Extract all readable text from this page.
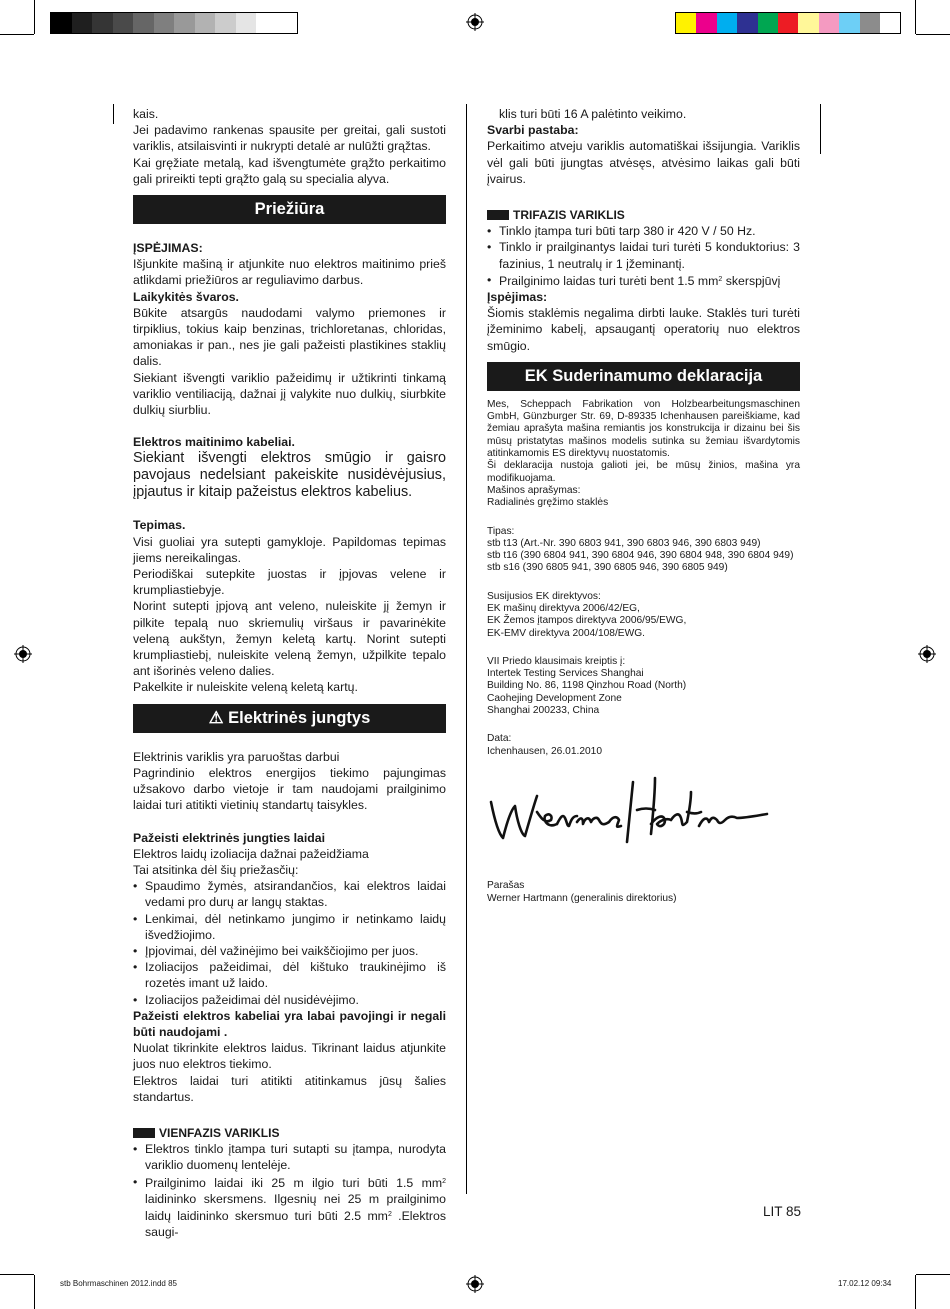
kais.

Jei padavimo rankenas spausite per greitai, gali sustoti variklis, atsilaisvinti ir nukrypti detalė ar nulūžti grąžtas.

Kai gręžiate metalą, kad išvengtumėte grąžto perkaitimo gali prireikti tepti grąžto galą su specialia alyva.

Priežiūra

ĮSPĖJIMAS:

Išjunkite mašiną ir atjunkite nuo elektros maitinimo prieš atlikdami priežiūros ar reguliavimo darbus.

Laikykitės švaros.

Būkite atsargūs naudodami valymo priemones ir tirpiklius, tokius kaip benzinas, trichloretanas, chloridas, amoniakas ir pan., nes jie gali pažeisti plastikines staklių dalis.

Siekiant išvengti variklio pažeidimų ir užtikrinti tinkamą variklio ventiliaciją, dažnai jį valykite nuo dulkių, siurbkite dulkių siurbliu.

Elektros maitinimo kabeliai.

Siekiant išvengti elektros smūgio ir gaisro pavojaus nedelsiant pakeiskite nusidėvėjusius, įpjautus ir kitaip pažeistus elektros kabelius.

Tepimas.

Visi guoliai yra sutepti gamykloje. Papildomas tepimas jiems nereikalingas.

Periodiškai sutepkite juostas ir įpjovas velene ir krumpliastiebyje.

Norint sutepti įpjovą ant veleno, nuleiskite jį žemyn ir pilkite tepalą nuo skriemulių viršaus ir pavarinėkite veleną aukštyn, žemyn keletą kartų. Norint sutepti krumpliastiebį, nuleiskite veleną žemyn, užpilkite tepalo ant išorinės veleno dalies.

Pakelkite ir nuleiskite veleną keletą kartų.

⚠ Elektrinės jungtys

Elektrinis variklis yra paruoštas darbui

Pagrindinio elektros energijos tiekimo pajungimas užsakovo darbo vietoje ir tam naudojami prailginimo laidai turi atitikti vietinių standartų taisykles.

Pažeisti elektrinės jungties laidai

Elektros laidų izoliacija dažnai pažeidžiama

Tai atsitinka dėl šių priežasčių:

• Spaudimo žymės, atsirandančios, kai elektros laidai vedami pro durų ar langų staktas.
• Lenkimai, dėl netinkamo jungimo ir netinkamo laidų išvedžiojimo.
• Įpjovimai, dėl važinėjimo bei vaikščiojimo per juos.
• Izoliacijos pažeidimai, dėl kištuko traukinėjimo iš rozetės imant už laido.
• Izoliacijos pažeidimai dėl nusidėvėjimo.

Pažeisti elektros kabeliai yra labai pavojingi ir negali būti naudojami .

Nuolat tikrinkite elektros laidus. Tikrinant laidus atjunkite juos nuo elektros tiekimo.

Elektros laidai turi atitikti atitinkamus jūsų šalies standartus.

VIENFAZIS VARIKLIS
• Elektros tinklo įtampa turi sutapti su įtampa, nurodyta variklio duomenų lentelėje.
• Prailginimo laidai iki 25 m ilgio turi būti 1.5 $mm^2$ laidininko skersmens. Ilgesnių nei 25 m prailginimo laidų laidininko skersmuo turi būti 2.5 $mm^2$ .Elektros saugi-

klis turi būti 16 A palėtinto veikimo.

Svarbi pastaba:

Perkaitimo atveju variklis automatiškai išsijungia. Variklis vėl gali būti įjungtas atvėsęs, atvėsimo laikas gali būti įvairus.

TRIFAZIS VARIKLIS
• Tinklo įtampa turi būti tarp 380 ir 420 V / 50 Hz.
• Tinklo ir prailginantys laidai turi turėti 5 konduktorius: 3 fazinius, 1 neutralų ir 1 įžeminantį.
• Prailginimo laidas turi turėti bent 1.5 $mm^2$ skerspjūvį

Įspėjimas:

Šiomis staklėmis negalima dirbti lauke. Staklės turi turėti įžeminimo kabelį, apsaugantį operatorių nuo elektros smūgio.

EK Suderinamumo deklaracija

Mes, Scheppach Fabrikation von Holzbearbeitungsmaschinen GmbH, Günzburger Str. 69, D-89335 Ichenhausen pareiškiame, kad žemiau aprašyta mašina remiantis jos konstrukcija ir dizainu bei šis mūsų pristatytas mašinos modelis sutinka su žemiau išvardytomis atitinkamomis ES direktyvų nuostatomis.

Ši deklaracija nustoja galioti jei, be mūsų žinios, mašina yra modifikuojama.

Mašinos aprašymas:

Radialinės gręžimo staklės

Tipas:

stb t13 (Art.-Nr. 390 6803 941, 390 6803 946, 390 6803 949)

stb t16 (390 6804 941, 390 6804 946, 390 6804 948, 390 6804 949)

stb s16 (390 6805 941, 390 6805 946, 390 6805 949)

Susijusios EK direktyvos:

EK mašinų direktyva 2006/42/EG,

EK Žemos įtampos direktyva 2006/95/EWG,

EK-EMV direktyva 2004/108/EWG.

VII Priedo klausimais kreiptis į:

Intertek Testing Services Shanghai

Building No. 86, 1198 Qinzhou Road (North)

Caohejing Development Zone

Shanghai 200233, China

Data:

Ichenhausen, 26.01.2010

Parašas

Werner Hartmann (generalinis direktorius)

LIT 85
stb Bohrmaschinen 2012.indd 85	17.02.12 09:34
